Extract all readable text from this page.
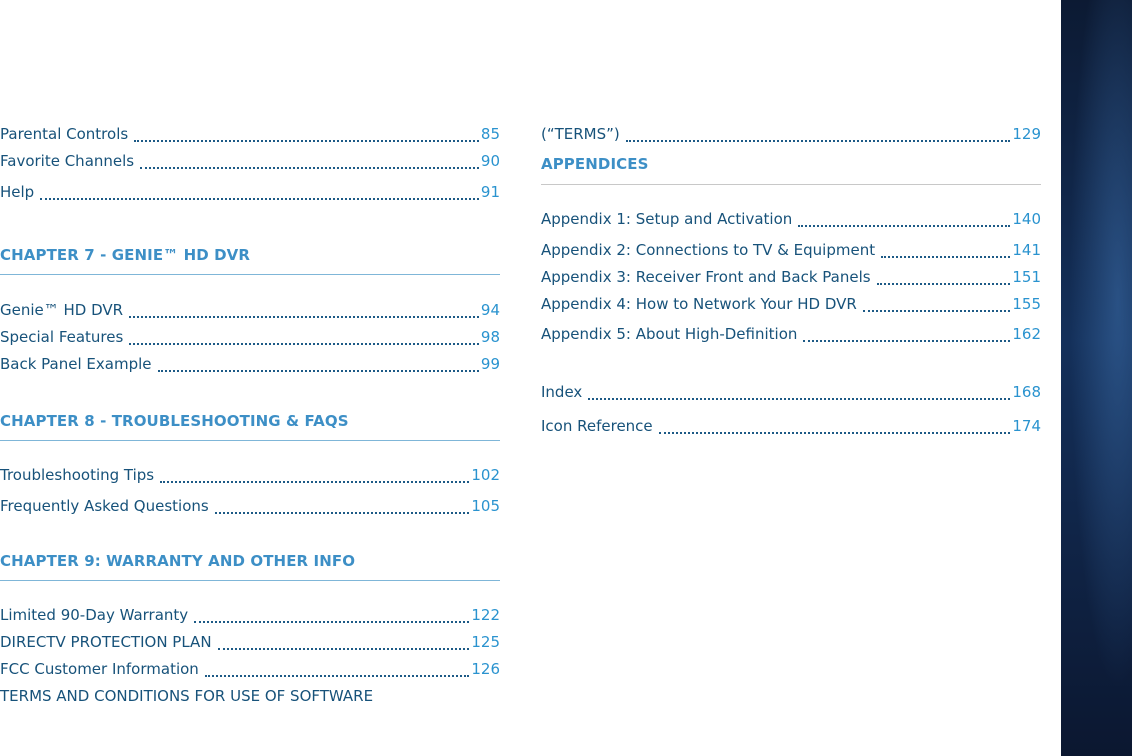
Parental Controls	85
Favorite Channels	90
Help	91
CHAPTER 7 - GENIE™ HD DVR
Genie™ HD DVR	94
Special Features	98
Back Panel Example	99
CHAPTER 8 - TROUBLESHOOTING & FAQS
Troubleshooting Tips	102
Frequently Asked Questions	105
CHAPTER 9: WARRANTY AND OTHER INFO
Limited 90-Day Warranty	122
DIRECTV PROTECTION PLAN	125
FCC Customer Information	126
TERMS AND CONDITIONS FOR USE OF SOFTWARE
(“TERMS”)	129
APPENDICES
Appendix 1: Setup and Activation	140
Appendix 2: Connections to TV & Equipment	141
Appendix 3: Receiver Front and Back Panels	151
Appendix 4: How to Network Your HD DVR	155
Appendix 5: About High-Definition	162
Index	168
Icon Reference	174
